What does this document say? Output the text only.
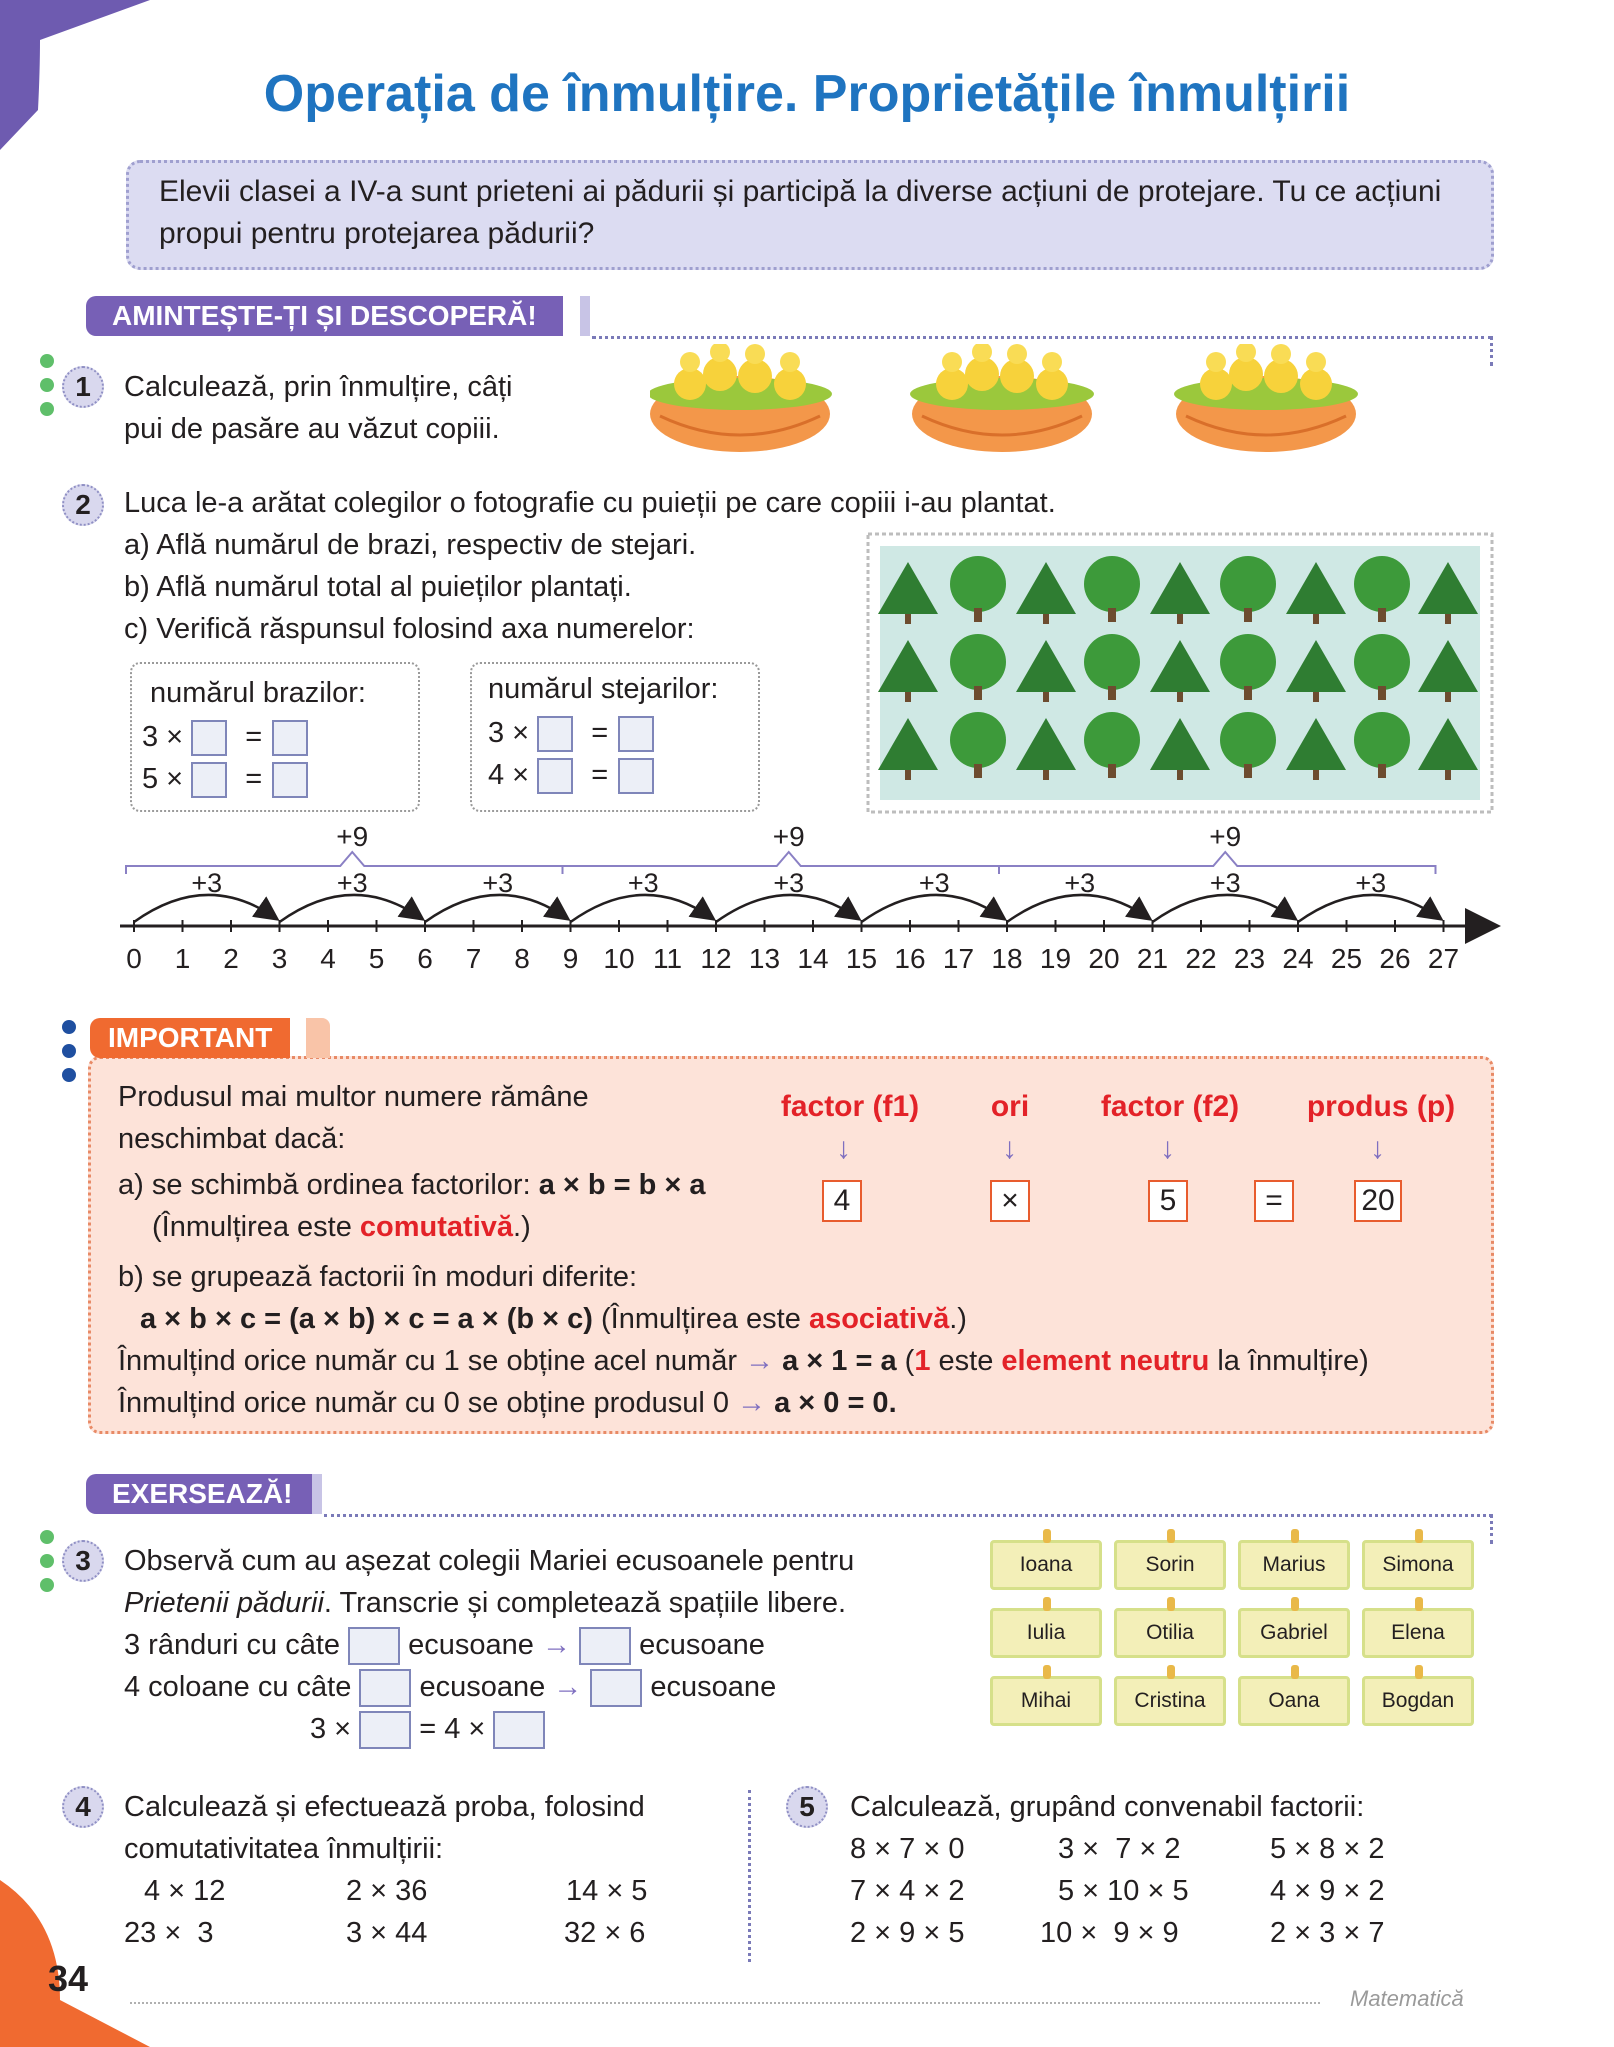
Operația de înmulțire. Proprietățile înmulțirii

Elevii clasei a IV-a sunt prieteni ai pădurii și participă la diverse acțiuni de protejare. Tu ce acțiuni propui pentru protejarea pădurii?

AMINTEȘTE-ȚI ȘI DESCOPERĂ!
1	Calculează, prin înmulțire, câți
pui de pasăre au văzut copiii.
2	Luca le-a arătat colegilor o fotografie cu puieții pe care copiii i-au plantat.
a) Află numărul de brazi, respectiv de stejari.
b) Află numărul total al puieților plantați.
c) Verifică răspunsul folosind axa numerelor:
numărul brazilor:
3 × =
5 × =
numărul stejarilor:
3 × =
4 × =
0 1 2 3 4 5 6 7 8 9 10 11 12 13 14 15 16 17 18 19 20 21 22 23 24 25 26 27
+3	+3	+3	+3	+3	+3	+3	+3	+3
+9	+9	+9
IMPORTANT
Produsul mai multor numere rămâne
neschimbat dacă:
a) se schimbă ordinea factorilor: a × b = b × a
(Înmulțirea este comutativă.)
b) se grupează factorii în moduri diferite:
a × b × c = (a × b) × c = a × (b × c) (Înmulțirea este asociativă.)
Înmulțind orice număr cu 1 se obține acel număr → a × 1 = a (1 este element neutru la înmulțire)
Înmulțind orice număr cu 0 se obține produsul 0 → a × 0 = 0.
factor (f1)	ori	factor (f2)	produs (p)
↓	↓	↓	↓
4	×	5	=	20
EXERSEAZĂ!
3	Observă cum au așezat colegii Mariei ecusoanele pentru
Prietenii pădurii. Transcrie și completează spațiile libere.
3 rânduri cu câte ecusoane → ecusoane
4 coloane cu câte ecusoane → ecusoane
3 × = 4 ×
Ioana	Sorin	Marius	Simona
Iulia	Otilia	Gabriel	Elena
Mihai	Cristina	Oana	Bogdan
4	Calculează și efectuează proba, folosind
comutativitatea înmulțirii:
4 × 12	2 × 36	14 × 5
23 ×  3	3 × 44	32 × 6
5	Calculează, grupând convenabil factorii:
8 × 7 × 0	3 ×  7 × 2	5 × 8 × 2
7 × 4 × 2	5 × 10 × 5	4 × 9 × 2
2 × 9 × 5	10 ×  9 × 9	2 × 3 × 7
34	Matematică
